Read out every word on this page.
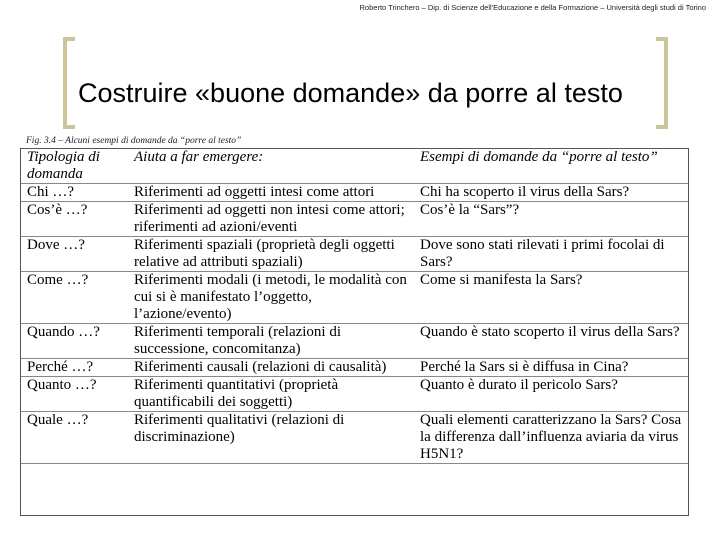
Roberto Trinchero – Dip. di Scienze dell'Educazione e della Formazione – Università degli studi di Torino
Costruire «buone domande» da porre al testo
Fig. 3.4 – Alcuni esempi di domande da “porre al testo”
Tipologia di domanda	Aiuta a far emergere:	Esempi di domande da “porre al testo”
Chi …?	Riferimenti ad oggetti intesi come attori	Chi ha scoperto il virus della Sars?
Cos’è …?	Riferimenti ad oggetti non intesi come attori; riferimenti ad azioni/eventi	Cos’è la “Sars”?
Dove …?	Riferimenti spaziali (proprietà degli oggetti relative ad attributi spaziali)	Dove sono stati rilevati i primi focolai di Sars?
Come …?	Riferimenti modali (i metodi, le modalità con cui si è manifestato l’oggetto, l’azione/evento)	Come si manifesta la Sars?
Quando …?	Riferimenti temporali (relazioni di successione, concomitanza)	Quando è stato scoperto il virus della Sars?
Perché …?	Riferimenti causali (relazioni di causalità)	Perché la Sars si è diffusa in Cina?
Quanto …?	Riferimenti quantitativi (proprietà quantificabili dei soggetti)	Quanto è durato il pericolo Sars?
Quale …?	Riferimenti qualitativi (relazioni di discriminazione)	Quali elementi caratterizzano la Sars? Cosa la differenza dall’influenza aviaria da virus H5N1?
